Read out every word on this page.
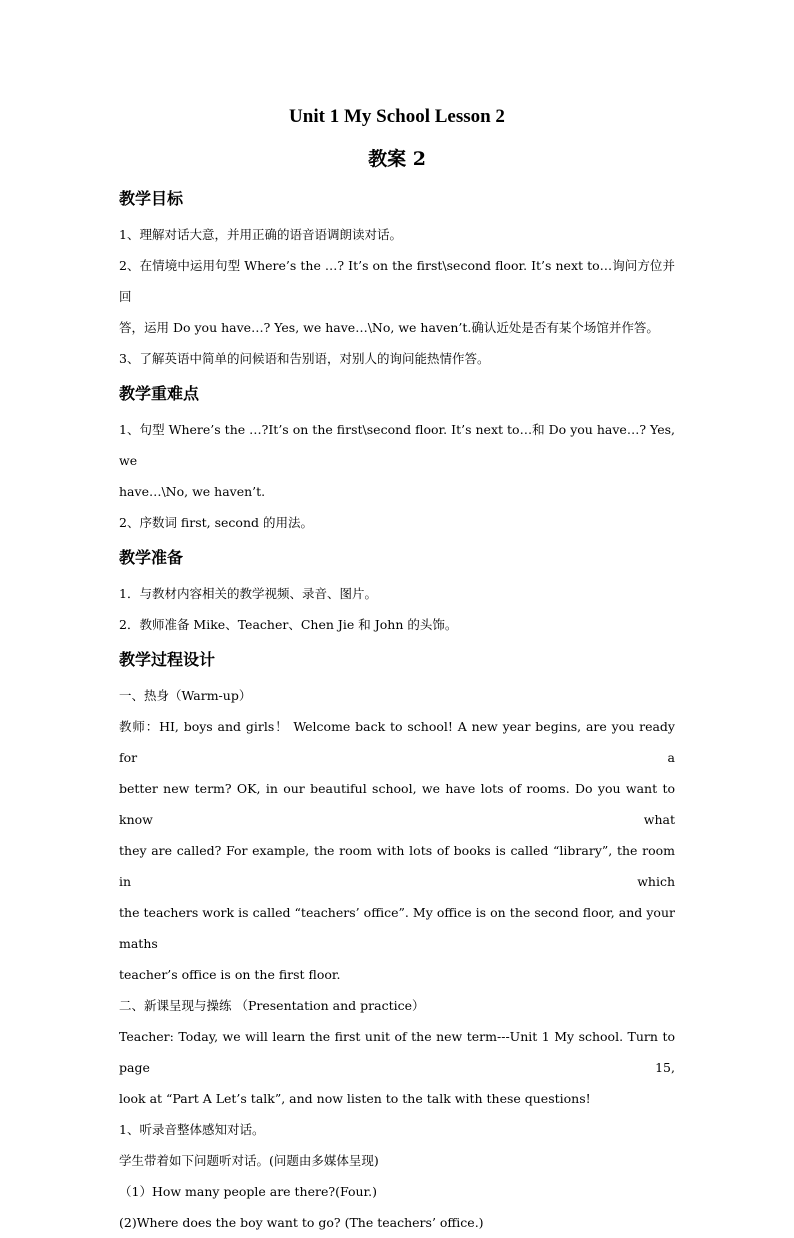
Unit 1 My School Lesson 2
教案 2
教学目标

1、理解对话大意，并用正确的语音语调朗读对话。

2、在情境中运用句型 Where’s the …? It’s on the first\second floor. It’s next to…询问方位并回

答，运用 Do you have…? Yes, we have…\No, we haven’t.确认近处是否有某个场馆并作答。

3、了解英语中简单的问候语和告别语，对别人的询问能热情作答。

教学重难点

1、句型 Where’s the …?It’s on the first\second floor. It’s next to…和 Do you have…? Yes, we

have…\No, we haven’t.

2、序数词 first, second 的用法。

教学准备

1．与教材内容相关的教学视频、录音、图片。

2．教师准备 Mike、Teacher、Chen Jie 和 John 的头饰。

教学过程设计

一、热身（Warm-up）

教师：HI, boys and girls！ Welcome back to school! A new year begins, are you ready for a

better new term? OK, in our beautiful school, we have lots of rooms. Do you want to know what

they are called? For example, the room with lots of books is called “library”, the room in which

the teachers work is called “teachers’ office”. My office is on the second floor, and your maths

teacher’s office is on the first floor.

二、新课呈现与操练 （Presentation and practice）

Teacher: Today, we will learn the first unit of the new term---Unit 1 My school. Turn to page 15,

look at “Part A Let’s talk”, and now listen to the talk with these questions!

1、听录音整体感知对话。

学生带着如下问题听对话。(问题由多媒体呈现)

（1）How many people are there?(Four.)

(2)Where does the boy want to go? (The teachers’ office.)
